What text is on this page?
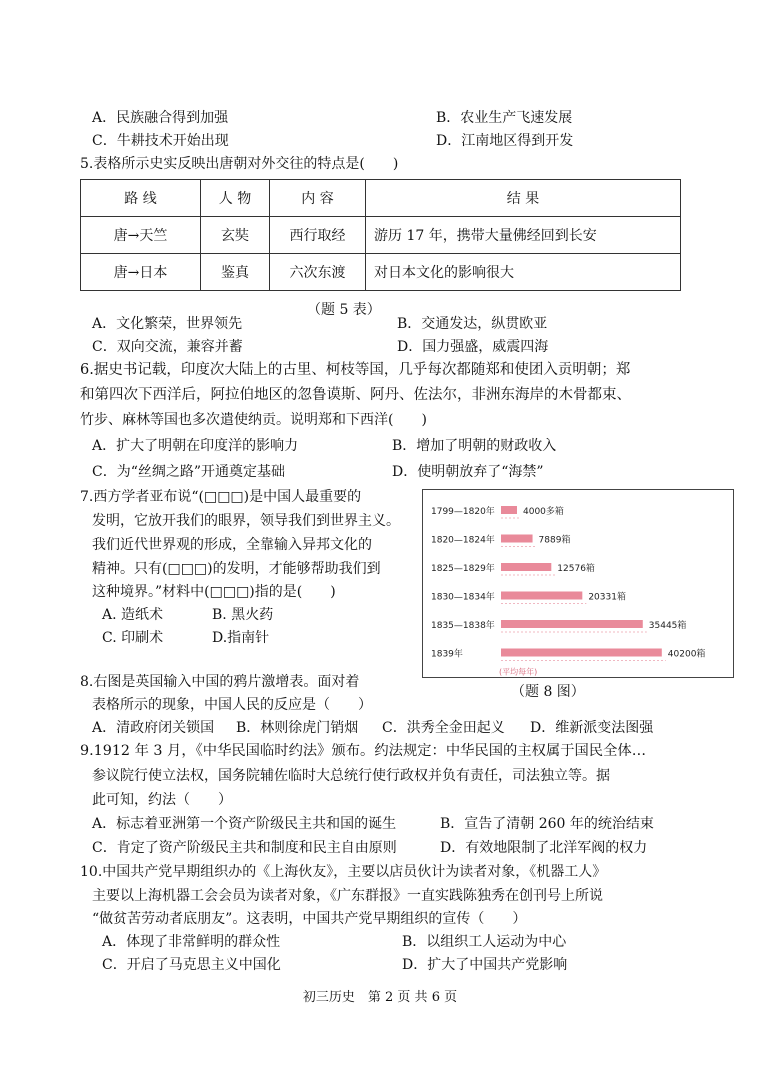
A．民族融合得到加强	B．农业生产飞速发展
C．牛耕技术开始出现	D．江南地区得到开发
5.表格所示史实反映出唐朝对外交往的特点是(　　)
路 线	人 物	内 容	结 果
唐→天竺	玄奘	西行取经	游历 17 年，携带大量佛经回到长安
唐→日本	鉴真	六次东渡	对日本文化的影响很大
（题 5 表）
A．文化繁荣，世界领先	B．交通发达，纵贯欧亚
C．双向交流，兼容并蓄	D．国力强盛，威震四海
6.据史书记载，印度次大陆上的古里、柯枝等国，几乎每次都随郑和使团入贡明朝；郑
和第四次下西洋后，阿拉伯地区的忽鲁谟斯、阿丹、佐法尔，非洲东海岸的木骨都束、
竹步、麻林等国也多次遣使纳贡。说明郑和下西洋(　　)
A．扩大了明朝在印度洋的影响力	B．增加了明朝的财政收入
C．为“丝绸之路”开通奠定基础	D．使明朝放弃了“海禁”
7.西方学者亚布说“(□□□)是中国人最重要的
发明，它放开我们的眼界，领导我们到世界主义。
我们近代世界观的形成，全靠输入异邦文化的
精神。只有(□□□)的发明，才能够帮助我们到
这种境界。”材料中(□□□)指的是(　　)
A. 造纸术	B. 黑火药
C. 印刷术	D.指南针
1799—1820年	4000多箱
1820—1824年	7889箱
1825—1829年	12576箱
1830—1834年	20331箱
1835—1838年	35445箱
1839年	40200箱
(平均每年)
（题 8 图）
8.右图是英国输入中国的鸦片激增表。面对着
表格所示的现象，中国人民的反应是（　　）
A．清政府闭关锁国 B．林则徐虎门销烟 C．洪秀全金田起义 D．维新派变法图强
9.1912 年 3 月，《中华民国临时约法》颁布。约法规定：中华民国的主权属于国民全体…
参议院行使立法权，国务院辅佐临时大总统行使行政权并负有责任，司法独立等。据
此可知，约法（　　）
A．标志着亚洲第一个资产阶级民主共和国的诞生	B．宣告了清朝 260 年的统治结束
C．肯定了资产阶级民主共和制度和民主自由原则	D．有效地限制了北洋军阀的权力
10.中国共产党早期组织办的《上海伙友》，主要以店员伙计为读者对象，《机器工人》
主要以上海机器工会会员为读者对象，《广东群报》一直实践陈独秀在创刊号上所说
“做贫苦劳动者底朋友”。这表明，中国共产党早期组织的宣传（　　）
A．体现了非常鲜明的群众性	B．以组织工人运动为中心
C．开启了马克思主义中国化	D．扩大了中国共产党影响
初三历史　第 2 页 共 6 页
